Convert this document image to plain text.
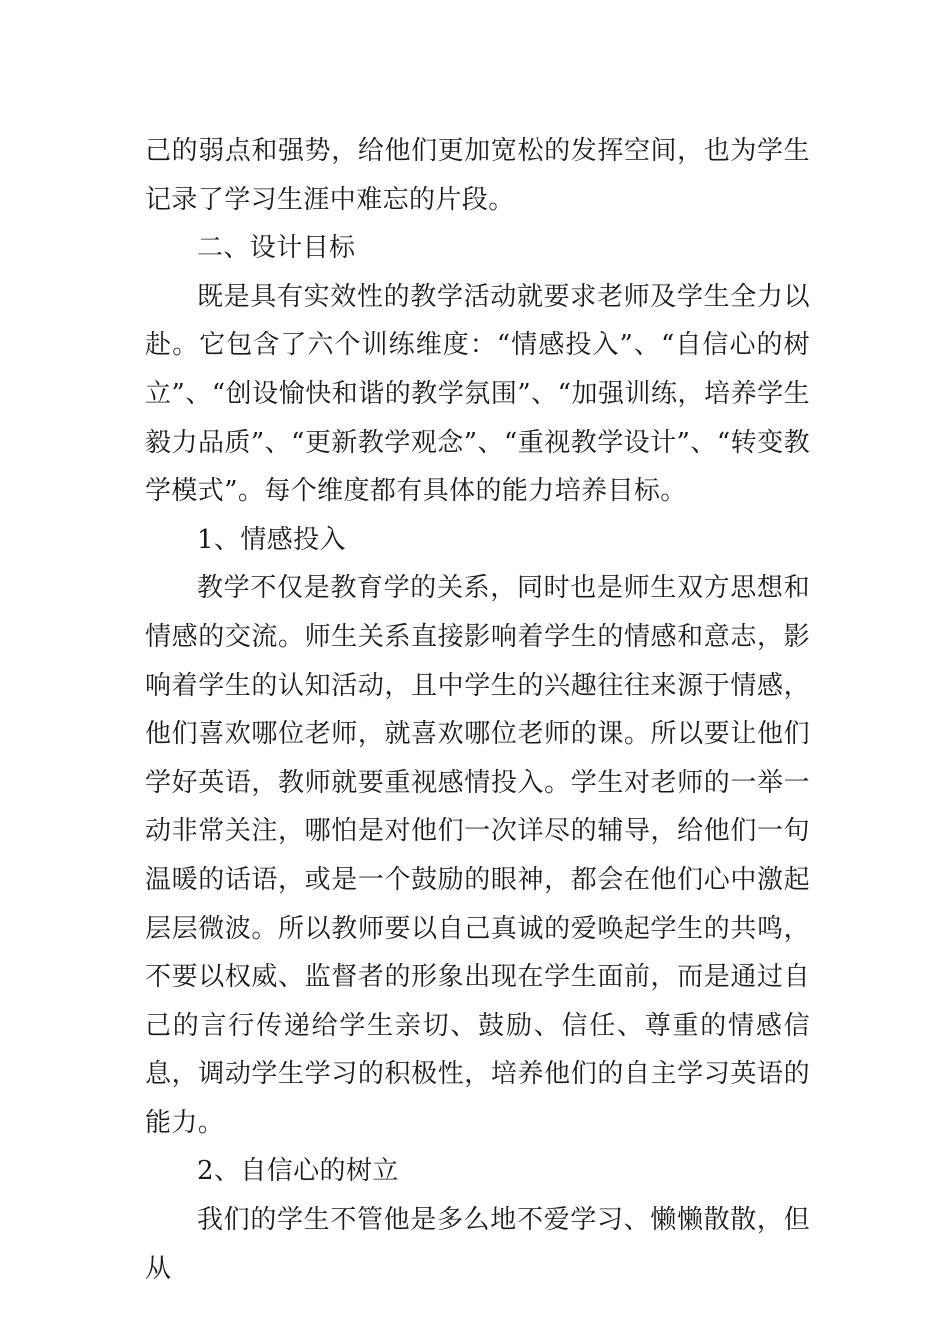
己的弱点和强势，给他们更加宽松的发挥空间，也为学生记录了学习生涯中难忘的片段。

二、设计目标

既是具有实效性的教学活动就要求老师及学生全力以赴。它包含了六个训练维度：“情感投入”、“自信心的树立”、“创设愉快和谐的教学氛围”、“加强训练，培养学生毅力品质”、“更新教学观念”、“重视教学设计”、“转变教学模式”。每个维度都有具体的能力培养目标。

1、情感投入

教学不仅是教育学的关系，同时也是师生双方思想和情感的交流。师生关系直接影响着学生的情感和意志，影响着学生的认知活动，且中学生的兴趣往往来源于情感，他们喜欢哪位老师，就喜欢哪位老师的课。所以要让他们学好英语，教师就要重视感情投入。学生对老师的一举一动非常关注，哪怕是对他们一次详尽的辅导，给他们一句温暖的话语，或是一个鼓励的眼神，都会在他们心中激起层层微波。所以教师要以自己真诚的爱唤起学生的共鸣，不要以权威、监督者的形象出现在学生面前，而是通过自己的言行传递给学生亲切、鼓励、信任、尊重的情感信息，调动学生学习的积极性，培养他们的自主学习英语的能力。

2、自信心的树立

我们的学生不管他是多么地不爱学习、懒懒散散，但从
